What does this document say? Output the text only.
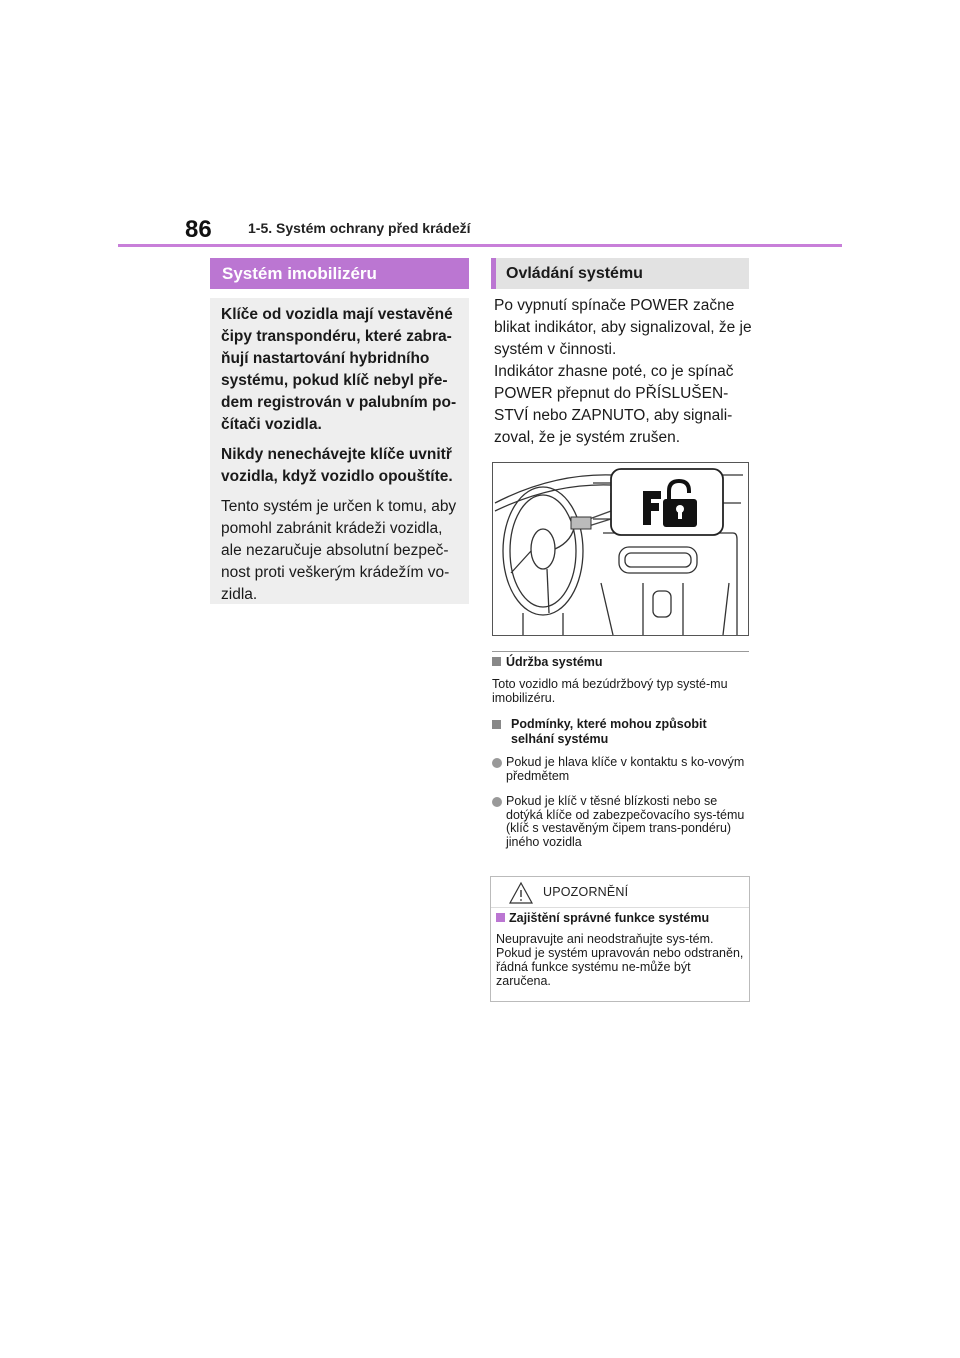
86	1-5. Systém ochrany před krádeží
Systém imobilizéru

Klíče od vozidla mají vestavěné čipy transpondéru, které zabra-ňují nastartování hybridního systému, pokud klíč nebyl pře-dem registrován v palubním po-čítači vozidla.

Nikdy nenechávejte klíče uvnitř vozidla, když vozidlo opouštíte.

Tento systém je určen k tomu, aby pomohl zabránit krádeži vozidla, ale nezaručuje absolutní bezpeč-nost proti veškerým krádežím vo-zidla.

Ovládání systému
Po vypnutí spínače POWER začne blikat indikátor, aby signalizoval, že je systém v činnosti.
Indikátor zhasne poté, co je spínač POWER přepnut do PŘÍSLUŠEN-STVÍ nebo ZAPNUTO, aby signali-zoval, že je systém zrušen.
Údržba systému

Toto vozidlo má bezúdržbový typ systé-mu imobilizéru.

Podmínky, které mohou způsobit selhání systému
Pokud je hlava klíče v kontaktu s ko-vovým předmětem
Pokud je klíč v těsné blízkosti nebo se dotýká klíče od zabezpečovacího sys-tému (klíč s vestavěným čipem trans-pondéru) jiného vozidla
UPOZORNĚNÍ
Zajištění správné funkce systému

Neupravujte ani neodstraňujte sys-tém. Pokud je systém upravován nebo odstraněn, řádná funkce systému ne-může být zaručena.
